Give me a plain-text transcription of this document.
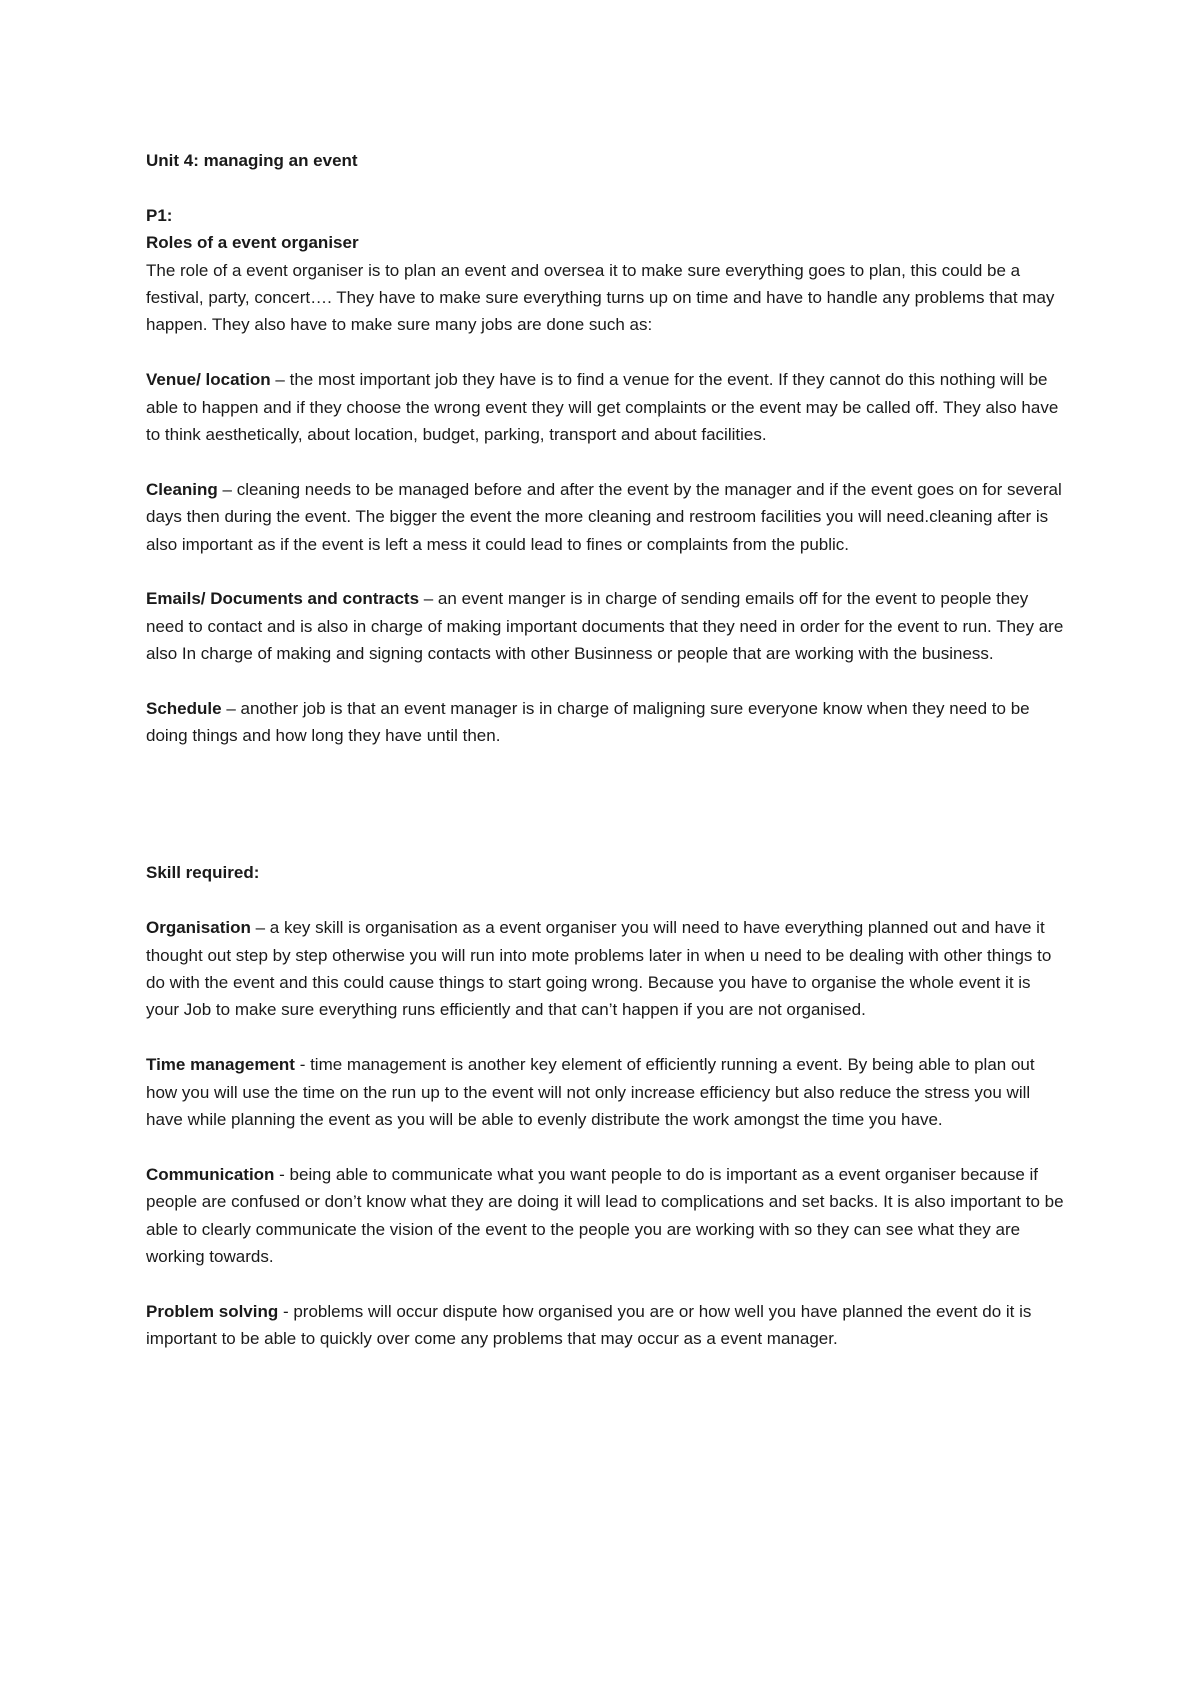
Unit 4: managing an event

P1:

Roles of a event organiser

The role of a event organiser is to plan an event and oversea it to make sure everything goes to plan, this could be a festival, party, concert…. They have to make sure everything turns up on time and have to handle any problems that may happen. They also have to make sure many jobs are done such as:

Venue/ location – the most important job they have is to find a venue for the event. If they cannot do this nothing will be able to happen and if they choose the wrong event they will get complaints or the event may be called off. They also have to think aesthetically, about location, budget, parking, transport and about facilities.

Cleaning – cleaning needs to be managed before and after the event by the manager and if the event goes on for several days then during the event. The bigger the event the more cleaning and restroom facilities you will need.cleaning after is also important as if the event is left a mess it could lead to fines or complaints from the public.

Emails/ Documents and contracts – an event manger is in charge of sending emails off for the event to people they need to contact and is also in charge of making important documents that they need in order for the event to run. They are also In charge of making and signing contacts with other Businness or people that are working with the business.

Schedule – another job is that an event manager is in charge of maligning sure everyone know when they need to be doing things and how long they have until then.

Skill required:

Organisation – a key skill is organisation as a event organiser you will need to have everything planned out and have it thought out step by step otherwise you will run into mote problems later in when u need to be dealing with other things to do with the event and this could cause things to start going wrong. Because you have to organise the whole event it is your Job to make sure everything runs efficiently and that can’t happen if you are not organised.

Time management - time management is another key element of efficiently running a event. By being able to plan out how you will use the time on the run up to the event will not only increase efficiency but also reduce the stress you will have while planning the event as you will be able to evenly distribute the work amongst the time you have.

Communication - being able to communicate what you want people to do is important as a event organiser because if people are confused or don’t know what they are doing it will lead to complications and set backs. It is also important to be able to clearly communicate the vision of the event to the people you are working with so they can see what they are working towards.

Problem solving - problems will occur dispute how organised you are or how well you have planned the event do it is important to be able to quickly over come any problems that may occur as a event manager.
